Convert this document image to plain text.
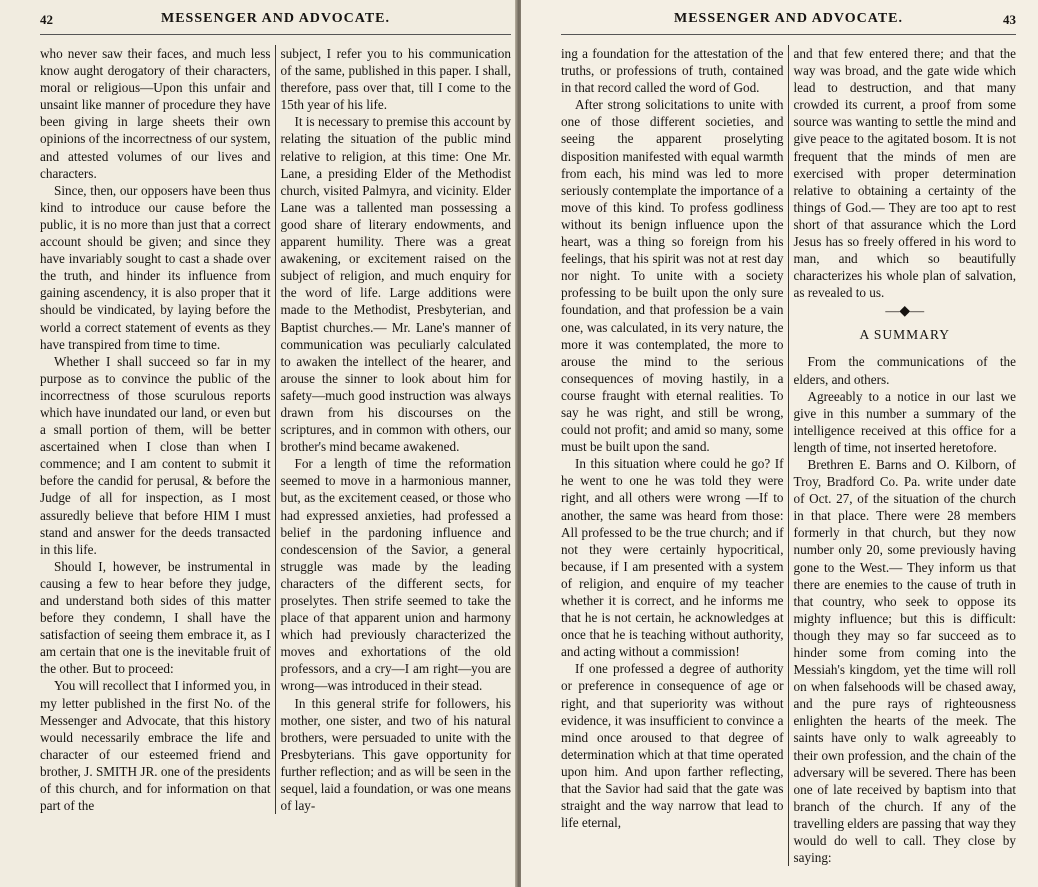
42	MESSENGER AND ADVOCATE.

who never saw their faces, and much less know aught derogatory of their characters, moral or religious—Upon this unfair and unsaint like manner of procedure they have been giving in large sheets their own opinions of the incorrectness of our system, and attested volumes of our lives and characters.

Since, then, our opposers have been thus kind to introduce our cause before the public, it is no more than just that a correct account should be given; and since they have invariably sought to cast a shade over the truth, and hinder its influence from gaining ascendency, it is also proper that it should be vindicated, by laying before the world a correct statement of events as they have transpired from time to time.

Whether I shall succeed so far in my purpose as to convince the public of the incorrectness of those scurulous reports which have inundated our land, or even but a small portion of them, will be better ascertained when I close than when I commence; and I am content to submit it before the candid for perusal, & before the Judge of all for inspection, as I most assuredly believe that before HIM I must stand and answer for the deeds transacted in this life.

Should I, however, be instrumental in causing a few to hear before they judge, and understand both sides of this matter before they condemn, I shall have the satisfaction of seeing them embrace it, as I am certain that one is the inevitable fruit of the other. But to proceed:

You will recollect that I informed you, in my letter published in the first No. of the Messenger and Advocate, that this history would necessarily embrace the life and character of our esteemed friend and brother, J. SMITH JR. one of the presidents of this church, and for information on that part of the

subject, I refer you to his communication of the same, published in this paper. I shall, therefore, pass over that, till I come to the 15th year of his life.

It is necessary to premise this account by relating the situation of the public mind relative to religion, at this time: One Mr. Lane, a presiding Elder of the Methodist church, visited Palmyra, and vicinity. Elder Lane was a tallented man possessing a good share of literary endowments, and apparent humility. There was a great awakening, or excitement raised on the subject of religion, and much enquiry for the word of life. Large additions were made to the Methodist, Presbyterian, and Baptist churches.— Mr. Lane's manner of communication was peculiarly calculated to awaken the intellect of the hearer, and arouse the sinner to look about him for safety—much good instruction was always drawn from his discourses on the scriptures, and in common with others, our brother's mind became awakened.

For a length of time the reformation seemed to move in a harmonious manner, but, as the excitement ceased, or those who had expressed anxieties, had professed a belief in the pardoning influence and condescension of the Savior, a general struggle was made by the leading characters of the different sects, for proselytes. Then strife seemed to take the place of that apparent union and harmony which had previously characterized the moves and exhortations of the old professors, and a cry—I am right—you are wrong—was introduced in their stead.

In this general strife for followers, his mother, one sister, and two of his natural brothers, were persuaded to unite with the Presbyterians. This gave opportunity for further reflection; and as will be seen in the sequel, laid a foundation, or was one means of lay-

MESSENGER AND ADVOCATE.	43

ing a foundation for the attestation of the truths, or professions of truth, contained in that record called the word of God.

After strong solicitations to unite with one of those different societies, and seeing the apparent proselyting disposition manifested with equal warmth from each, his mind was led to more seriously contemplate the importance of a move of this kind. To profess godliness without its benign influence upon the heart, was a thing so foreign from his feelings, that his spirit was not at rest day nor night. To unite with a society professing to be built upon the only sure foundation, and that profession be a vain one, was calculated, in its very nature, the more it was contemplated, the more to arouse the mind to the serious consequences of moving hastily, in a course fraught with eternal realities. To say he was right, and still be wrong, could not profit; and amid so many, some must be built upon the sand.

In this situation where could he go? If he went to one he was told they were right, and all others were wrong —If to another, the same was heard from those: All professed to be the true church; and if not they were certainly hypocritical, because, if I am presented with a system of religion, and enquire of my teacher whether it is correct, and he informs me that he is not certain, he acknowledges at once that he is teaching without authority, and acting without a commission!

If one professed a degree of authority or preference in consequence of age or right, and that superiority was without evidence, it was insufficient to convince a mind once aroused to that degree of determination which at that time operated upon him. And upon farther reflecting, that the Savior had said that the gate was straight and the way narrow that lead to life eternal,

and that few entered there; and that the way was broad, and the gate wide which lead to destruction, and that many crowded its current, a proof from some source was wanting to settle the mind and give peace to the agitated bosom. It is not frequent that the minds of men are exercised with proper determination relative to obtaining a certainty of the things of God.— They are too apt to rest short of that assurance which the Lord Jesus has so freely offered in his word to man, and which so beautifully characterizes his whole plan of salvation, as revealed to us.

—◆—
A SUMMARY

From the communications of the elders, and others.

Agreeably to a notice in our last we give in this number a summary of the intelligence received at this office for a length of time, not inserted heretofore.

Brethren E. Barns and O. Kilborn, of Troy, Bradford Co. Pa. write under date of Oct. 27, of the situation of the church in that place. There were 28 members formerly in that church, but they now number only 20, some previously having gone to the West.— They inform us that there are enemies to the cause of truth in that country, who seek to oppose its mighty influence; but this is difficult: though they may so far succeed as to hinder some from coming into the Messiah's kingdom, yet the time will roll on when falsehoods will be chased away, and the pure rays of righteousness enlighten the hearts of the meek. The saints have only to walk agreeably to their own profession, and the chain of the adversary will be severed. There has been one of late received by baptism into that branch of the church. If any of the travelling elders are passing that way they would do well to call. They close by saying:
